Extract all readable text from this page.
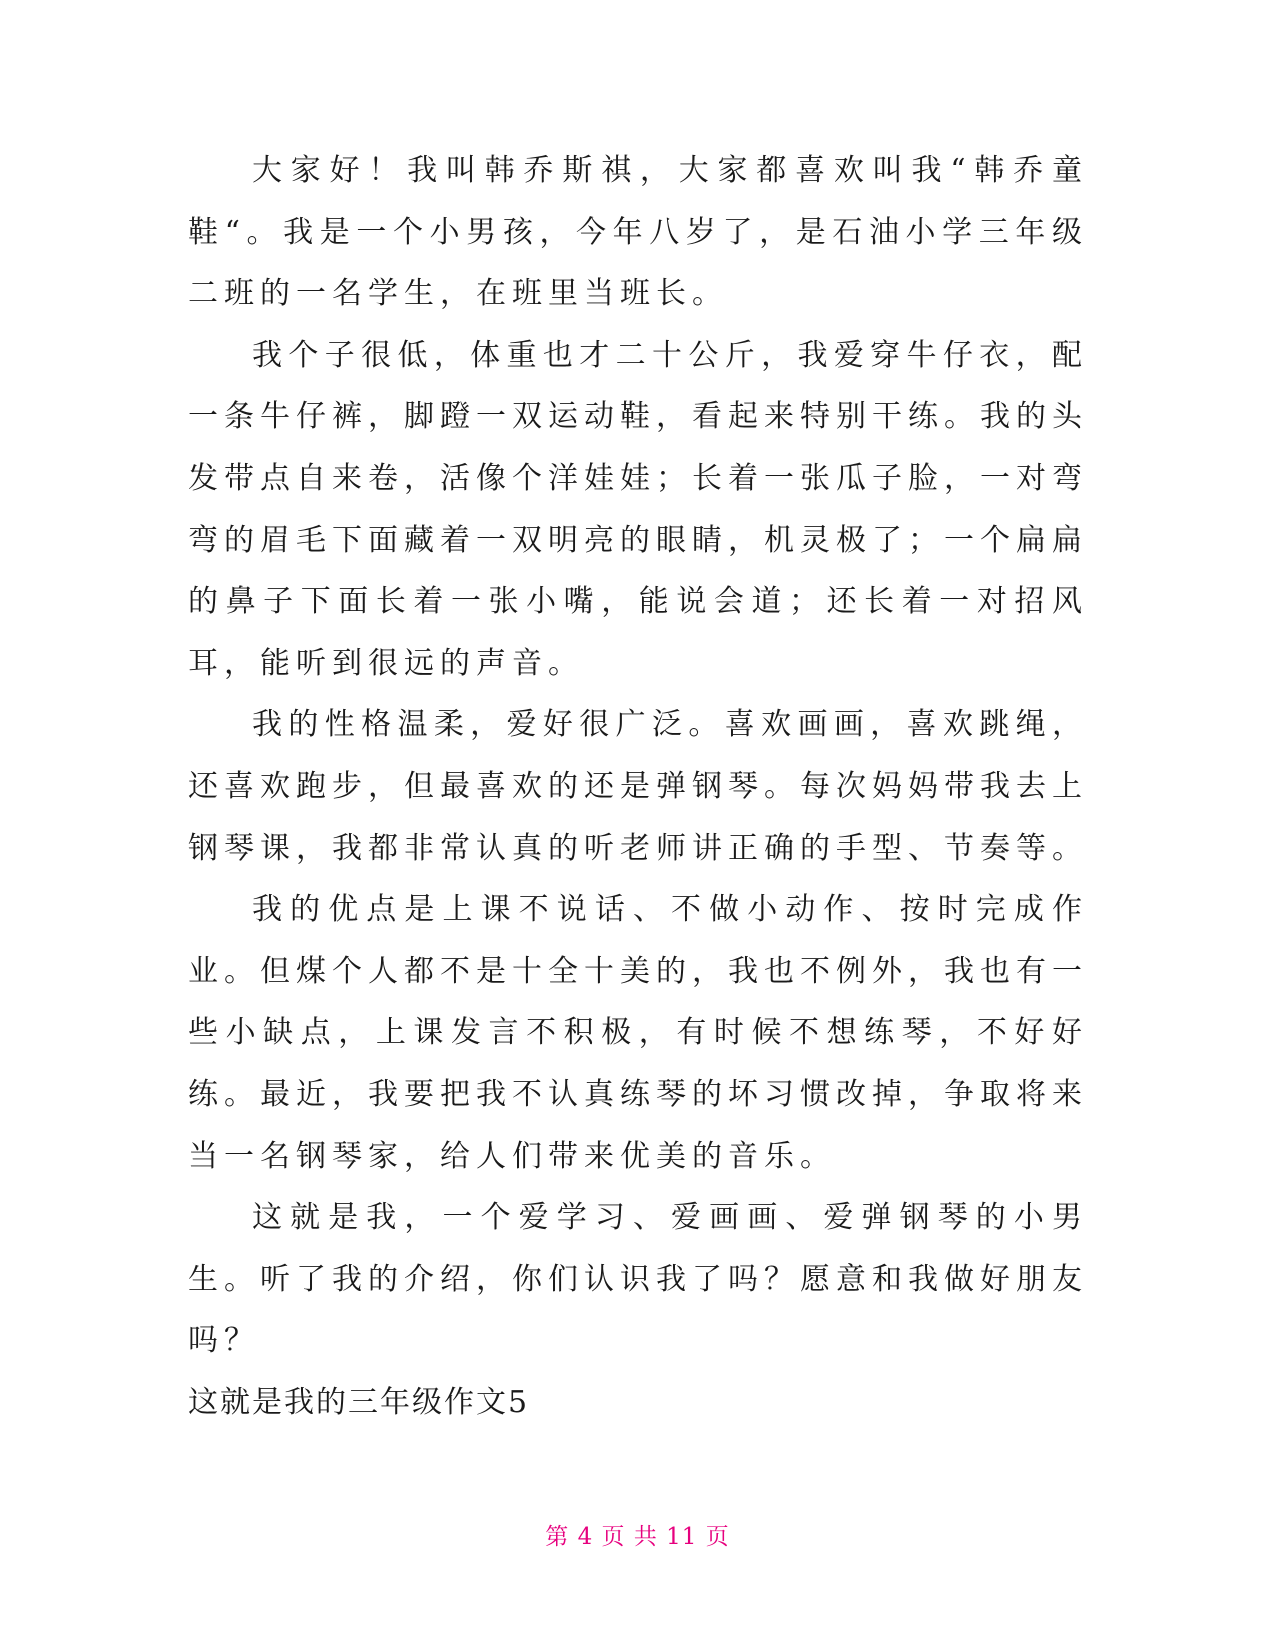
大家好！我叫韩乔斯祺，大家都喜欢叫我“韩乔童鞋“。我是一个小男孩，今年八岁了，是石油小学三年级二班的一名学生，在班里当班长。

我个子很低，体重也才二十公斤，我爱穿牛仔衣，配一条牛仔裤，脚蹬一双运动鞋，看起来特别干练。我的头发带点自来卷，活像个洋娃娃；长着一张瓜子脸，一对弯弯的眉毛下面藏着一双明亮的眼睛，机灵极了；一个扁扁的鼻子下面长着一张小嘴，能说会道；还长着一对招风耳，能听到很远的声音。

我的性格温柔，爱好很广泛。喜欢画画，喜欢跳绳，还喜欢跑步，但最喜欢的还是弹钢琴。每次妈妈带我去上钢琴课，我都非常认真的听老师讲正确的手型、节奏等。

我的优点是上课不说话、不做小动作、按时完成作业。但煤个人都不是十全十美的，我也不例外，我也有一些小缺点，上课发言不积极，有时候不想练琴，不好好练。最近，我要把我不认真练琴的坏习惯改掉，争取将来当一名钢琴家，给人们带来优美的音乐。

这就是我，一个爱学习、爱画画、爱弹钢琴的小男生。听了我的介绍，你们认识我了吗？愿意和我做好朋友吗？

这就是我的三年级作文5

第 4 页 共 11 页
